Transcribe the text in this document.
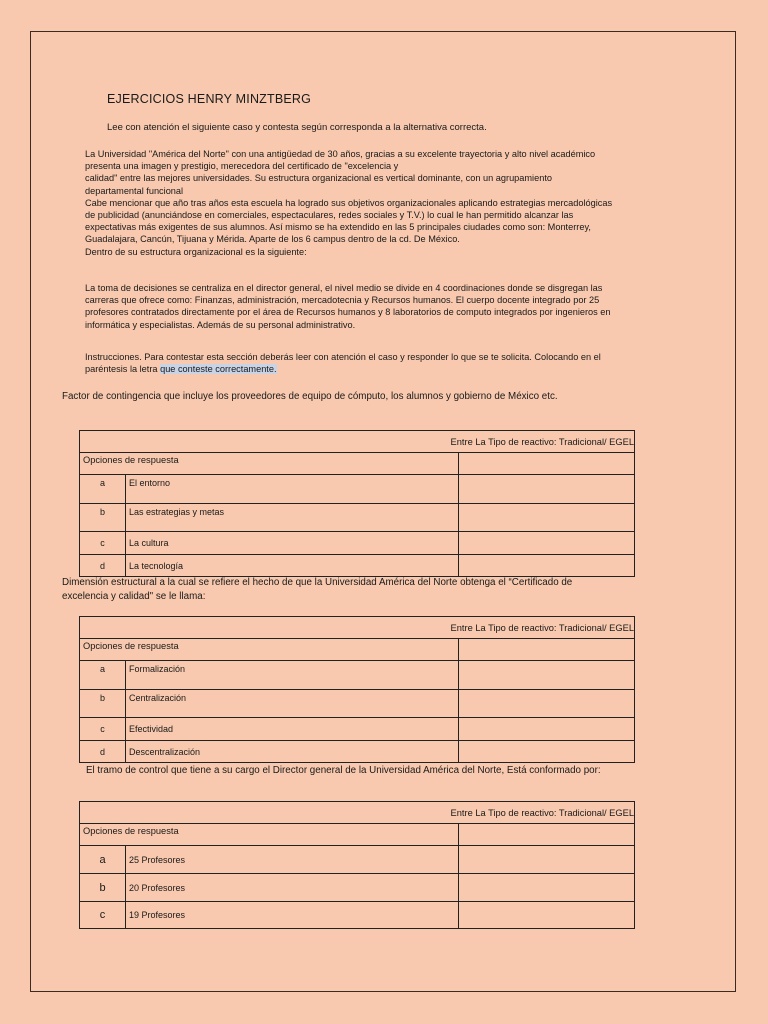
EJERCICIOS HENRY MINZTBERG
Lee con atención el siguiente caso y contesta según corresponda a la alternativa correcta.
La Universidad "América del Norte" con una antigüedad de 30 años, gracias a su excelente trayectoria y alto nivel académico
presenta una imagen y prestigio, merecedora del certificado de "excelencia y
calidad" entre las mejores universidades. Su estructura organizacional es vertical dominante, con un agrupamiento
departamental funcional
Cabe mencionar que año tras años esta escuela ha logrado sus objetivos organizacionales aplicando estrategias mercadológicas
de publicidad (anunciándose en comerciales, espectaculares, redes sociales y T.V.) lo cual le han permitido alcanzar las
expectativas más exigentes de sus alumnos. Así mismo se ha extendido en las 5 principales ciudades como son: Monterrey,
Guadalajara, Cancún, Tijuana y Mérida. Aparte de los 6 campus dentro de la cd. De México.
Dentro de su estructura organizacional es la siguiente:
La toma de decisiones se centraliza en el director general, el nivel medio se divide en 4 coordinaciones donde se disgregan las
carreras que ofrece como: Finanzas, administración, mercadotecnia y Recursos humanos. El cuerpo docente integrado por 25
profesores contratados directamente por el área de Recursos humanos y 8 laboratorios de computo integrados por ingenieros en
informática y especialistas. Además de su personal administrativo.
Instrucciones. Para contestar esta sección deberás leer con atención el caso y responder lo que se te solicita. Colocando en el
paréntesis la letra que conteste correctamente.
Factor de contingencia que incluye los proveedores de equipo de cómputo, los alumnos y gobierno de México etc.
Entre La Tipo de reactivo: Tradicional/ EGEL		
Opciones de respuesta		
a	El entorno	
b	Las estrategias y metas	
c	La cultura	
d	La tecnología	
Dimensión estructural a la cual se refiere el hecho de que la Universidad América del Norte obtenga el “Certificado de
excelencia y calidad" se le llama:
Entre La Tipo de reactivo: Tradicional/ EGEL		
Opciones de respuesta		
a	Formalización	
b	Centralización	
c	Efectividad	
d	Descentralización	
El tramo de control que tiene a su cargo el Director general de la Universidad América del Norte, Está conformado por:
Entre La Tipo de reactivo: Tradicional/ EGEL		
Opciones de respuesta		
a	25 Profesores	
b	20 Profesores	
c	19 Profesores	
